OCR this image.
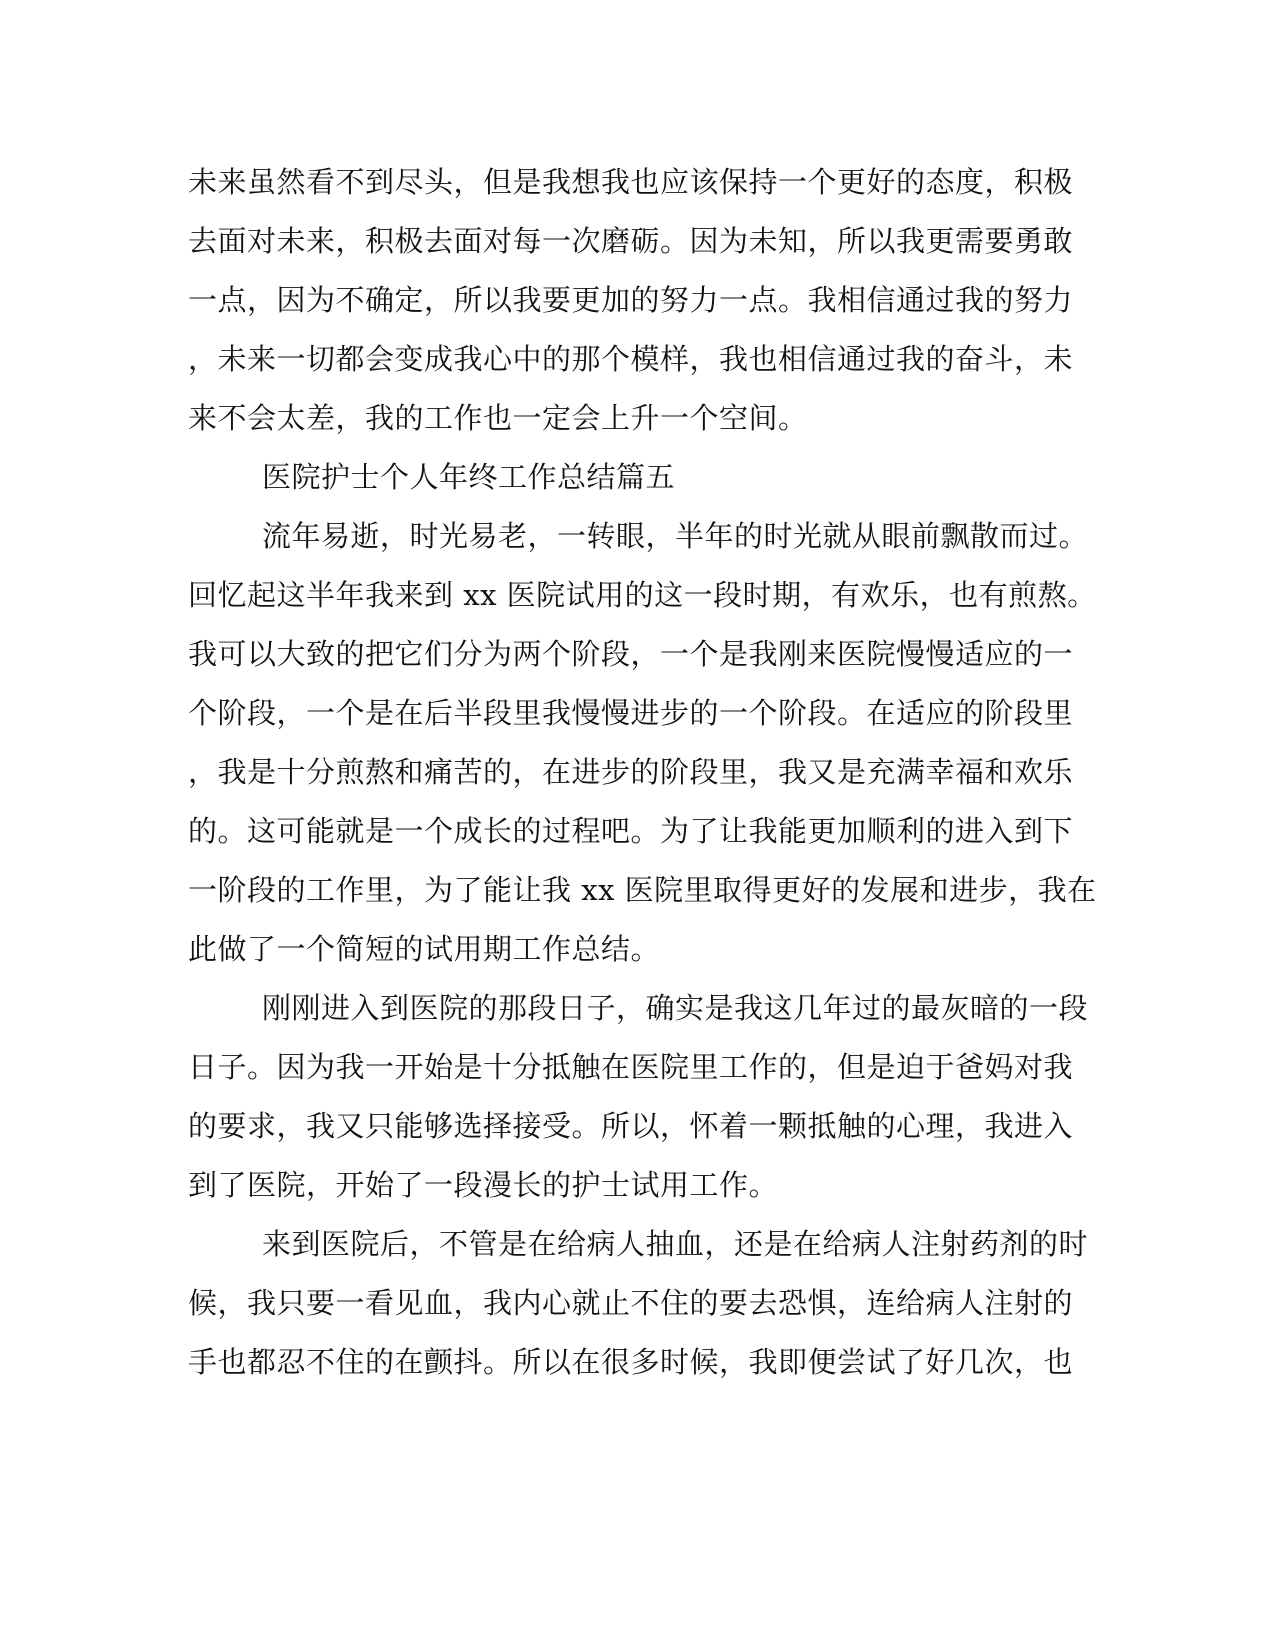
未来虽然看不到尽头，但是我想我也应该保持一个更好的态度，积极
去面对未来，积极去面对每一次磨砺。因为未知，所以我更需要勇敢
一点，因为不确定，所以我要更加的努力一点。我相信通过我的努力
，未来一切都会变成我心中的那个模样，我也相信通过我的奋斗，未
来不会太差，我的工作也一定会上升一个空间。
医院护士个人年终工作总结篇五
流年易逝，时光易老，一转眼，半年的时光就从眼前飘散而过。
回忆起这半年我来到 xx 医院试用的这一段时期，有欢乐，也有煎熬。
我可以大致的把它们分为两个阶段，一个是我刚来医院慢慢适应的一
个阶段，一个是在后半段里我慢慢进步的一个阶段。在适应的阶段里
，我是十分煎熬和痛苦的，在进步的阶段里，我又是充满幸福和欢乐
的。这可能就是一个成长的过程吧。为了让我能更加顺利的进入到下
一阶段的工作里，为了能让我 xx 医院里取得更好的发展和进步，我在
此做了一个简短的试用期工作总结。
刚刚进入到医院的那段日子，确实是我这几年过的最灰暗的一段
日子。因为我一开始是十分抵触在医院里工作的，但是迫于爸妈对我
的要求，我又只能够选择接受。所以，怀着一颗抵触的心理，我进入
到了医院，开始了一段漫长的护士试用工作。
来到医院后，不管是在给病人抽血，还是在给病人注射药剂的时
候，我只要一看见血，我内心就止不住的要去恐惧，连给病人注射的
手也都忍不住的在颤抖。所以在很多时候，我即便尝试了好几次，也
